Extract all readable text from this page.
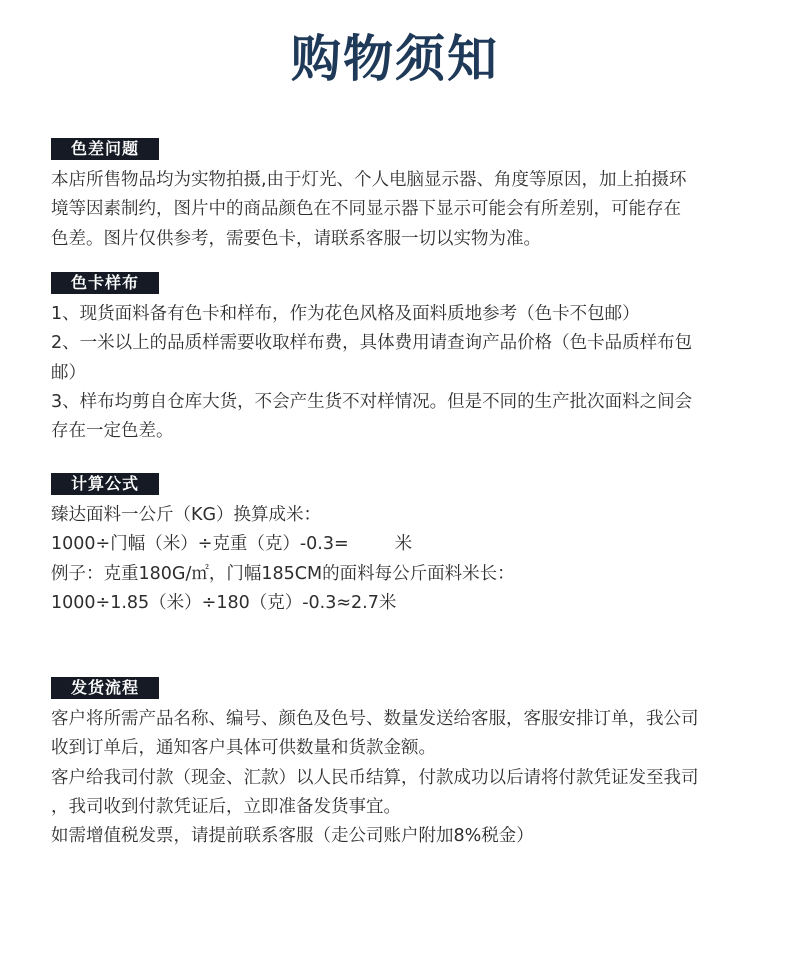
购物须知
色差问题
本店所售物品均为实物拍摄,由于灯光、个人电脑显示器、角度等原因，加上拍摄环
境等因素制约，图片中的商品颜色在不同显示器下显示可能会有所差别，可能存在
色差。图片仅供参考，需要色卡，请联系客服一切以实物为准。
色卡样布
1、现货面料备有色卡和样布，作为花色风格及面料质地参考（色卡不包邮）
2、一米以上的品质样需要收取样布费，具体费用请查询产品价格（色卡品质样布包
邮）
3、样布均剪自仓库大货，不会产生货不对样情况。但是不同的生产批次面料之间会
存在一定色差。
计算公式
臻达面料一公斤（KG）换算成米：
1000÷门幅（米）÷克重（克）-0.3=	米
例子：克重180G/㎡，门幅185CM的面料每公斤面料米长：
1000÷1.85（米）÷180（克）-0.3≈2.7米
发货流程
客户将所需产品名称、编号、颜色及色号、数量发送给客服，客服安排订单，我公司
收到订单后，通知客户具体可供数量和货款金额。
客户给我司付款（现金、汇款）以人民币结算，付款成功以后请将付款凭证发至我司
，我司收到付款凭证后，立即准备发货事宜。
如需增值税发票，请提前联系客服（走公司账户附加8%税金）
